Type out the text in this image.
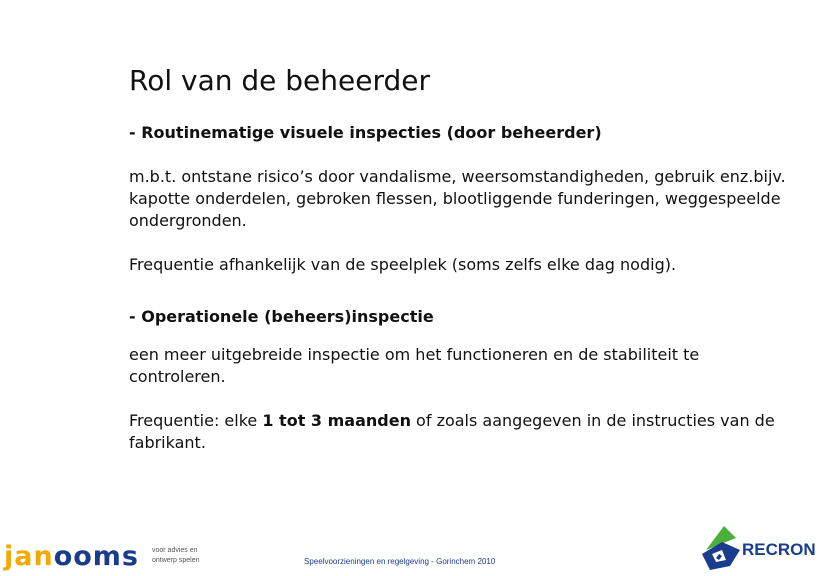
Rol van de beheerder
- Routinematige visuele inspecties (door beheerder)
m.b.t. ontstane risico’s door vandalisme, weersomstandigheden, gebruik enz.bijv. kapotte onderdelen, gebroken flessen, blootliggende funderingen, weggespeelde ondergronden.
Frequentie afhankelijk van de speelplek (soms zelfs elke dag nodig).
- Operationele (beheers)inspectie
een meer uitgebreide inspectie om het functioneren en de stabiliteit te controleren.
Frequentie: elke 1 tot 3 maanden of zoals aangegeven in de instructies van de fabrikant.
janooms voor advies en ontwerp spelen	Speelvoorzieningen en regelgeving - Gorinchem 2010
RECRON
